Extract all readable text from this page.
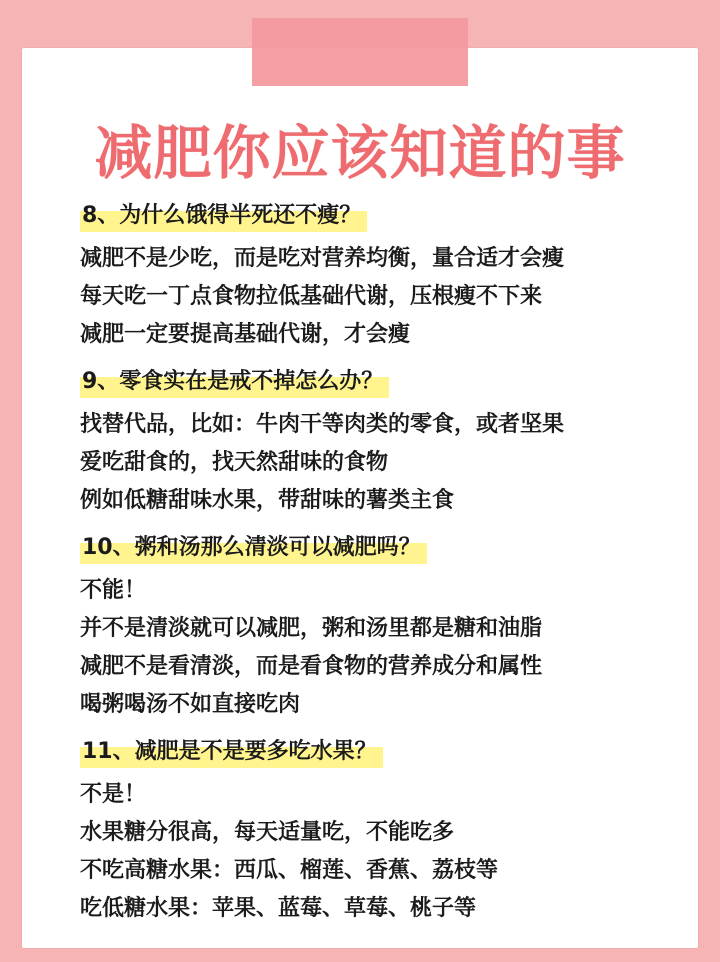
减肥你应该知道的事
8、为什么饿得半死还不瘦？
减肥不是少吃，而是吃对营养均衡，量合适才会瘦
每天吃一丁点食物拉低基础代谢，压根瘦不下来
减肥一定要提高基础代谢，才会瘦
9、零食实在是戒不掉怎么办？
找替代品，比如：牛肉干等肉类的零食，或者坚果
爱吃甜食的，找天然甜味的食物
例如低糖甜味水果，带甜味的薯类主食
10、粥和汤那么清淡可以减肥吗？
不能！
并不是清淡就可以减肥，粥和汤里都是糖和油脂
减肥不是看清淡，而是看食物的营养成分和属性
喝粥喝汤不如直接吃肉
11、减肥是不是要多吃水果？
不是！
水果糖分很高，每天适量吃，不能吃多
不吃高糖水果：西瓜、榴莲、香蕉、荔枝等
吃低糖水果：苹果、蓝莓、草莓、桃子等
